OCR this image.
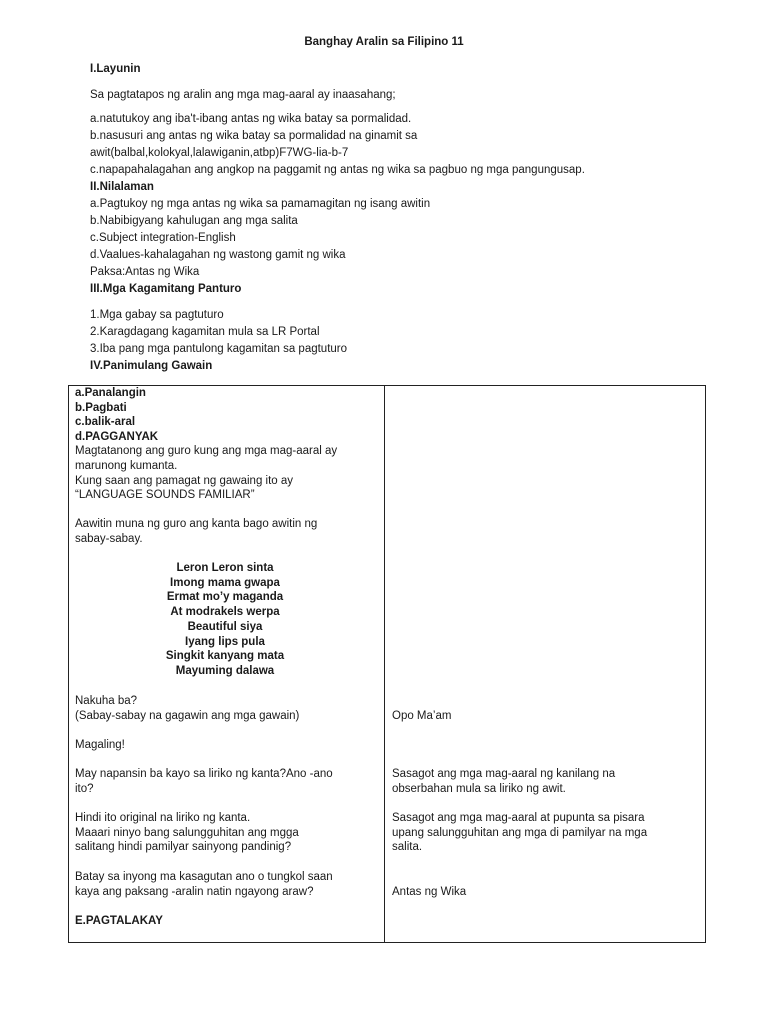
Banghay Aralin sa Filipino 11
I.Layunin
Sa pagtatapos ng aralin ang mga mag-aaral ay inaasahang;
a.natutukoy ang iba't-ibang antas ng wika batay sa pormalidad.
b.nasusuri ang antas ng wika batay sa pormalidad na ginamit sa
awit(balbal,kolokyal,lalawiganin,atbp)F7WG-lia-b-7
c.napapahalagahan ang angkop na paggamit ng antas ng wika sa pagbuo ng mga pangungusap.
II.Nilalaman
a.Pagtukoy ng mga antas ng wika sa pamamagitan ng isang awitin
b.Nabibigyang kahulugan ang mga salita
c.Subject integration-English
d.Vaalues-kahalagahan ng wastong gamit ng wika
Paksa:Antas ng Wika
III.Mga Kagamitang Panturo
1.Mga gabay sa pagtuturo
2.Karagdagang kagamitan mula sa LR Portal
3.Iba pang mga pantulong kagamitan sa pagtuturo
IV.Panimulang Gawain
a.Panalangin
b.Pagbati
c.balik-aral
d.PAGGANYAK
Magtatanong ang guro kung ang mga mag-aaral ay
marunong kumanta.
Kung saan ang pamagat ng gawaing ito ay
“LANGUAGE SOUNDS FAMILIAR”
Aawitin muna ng guro ang kanta bago awitin ng
sabay-sabay.
Leron Leron sinta
Imong mama gwapa
Ermat mo’y maganda
At modrakels werpa
Beautiful siya
Iyang lips pula
Singkit kanyang mata
Mayuming dalawa
Nakuha ba?
(Sabay-sabay na gagawin ang mga gawain)
Magaling!
May napansin ba kayo sa liriko ng kanta?Ano -ano
ito?
Hindi ito original na liriko ng kanta.
Maaari ninyo bang salungguhitan ang mgga
salitang hindi pamilyar sainyong pandinig?
Batay sa inyong ma kasagutan ano o tungkol saan
kaya ang paksang -aralin natin ngayong araw?
E.PAGTALAKAY
Opo Ma’am
Sasagot ang mga mag-aaral ng kanilang na
obserbahan mula sa liriko ng awit.
Sasagot ang mga mag-aaral at pupunta sa pisara
upang salungguhitan ang mga di pamilyar na mga
salita.
Antas ng Wika
